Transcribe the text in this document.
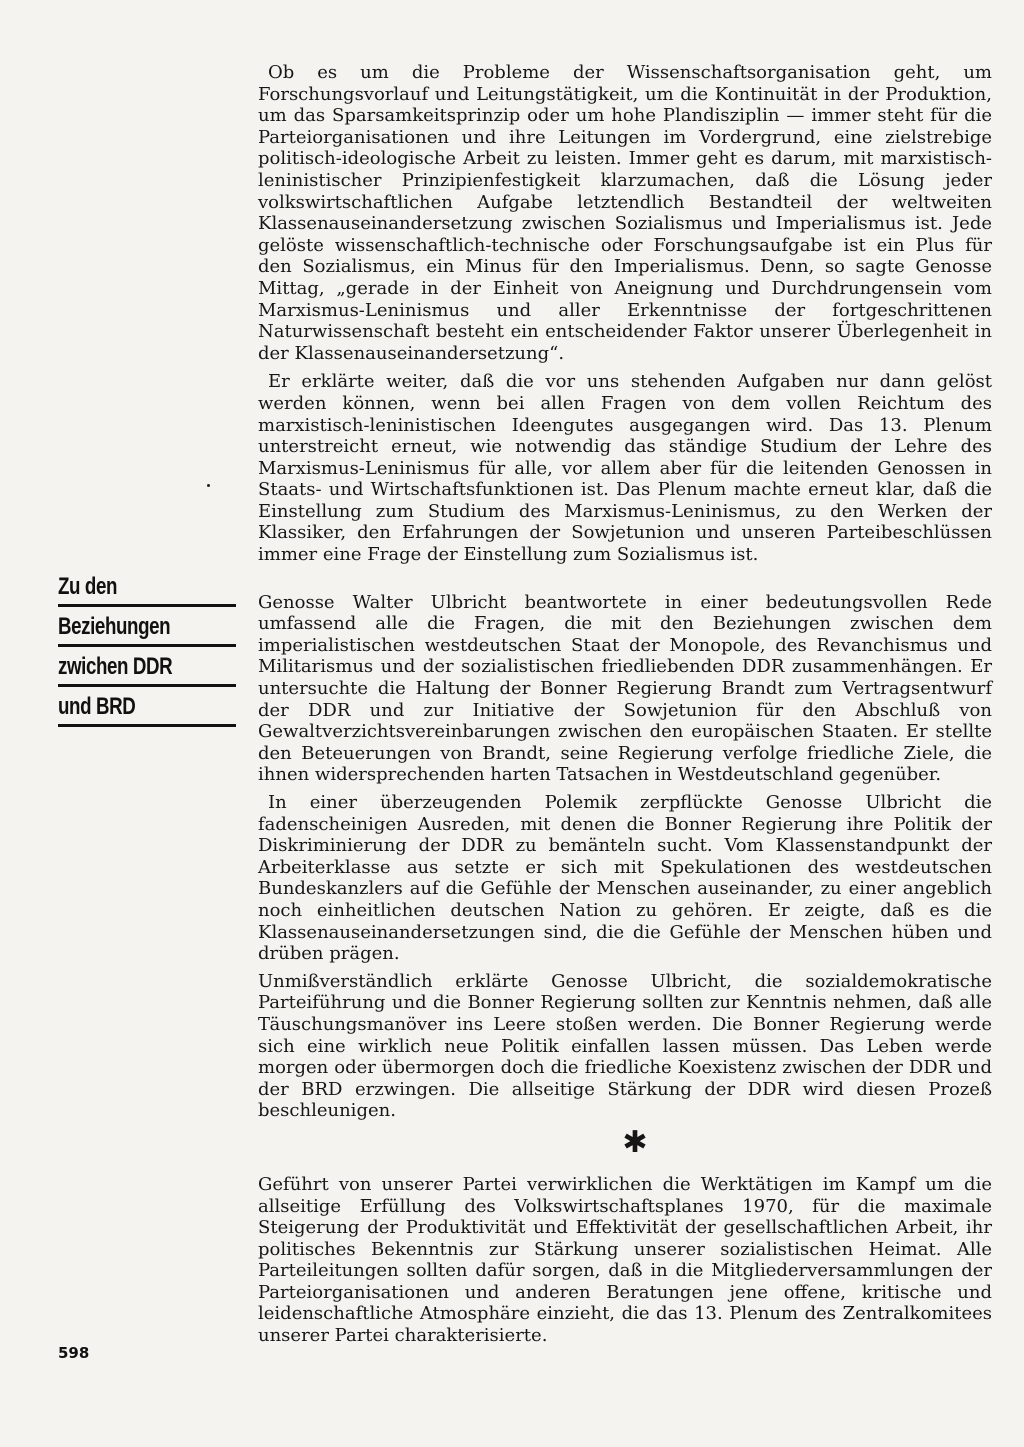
Ob es um die Probleme der Wissenschaftsorganisation geht, um Forschungsvorlauf und Leitungstätigkeit, um die Kontinuität in der Produktion, um das Sparsamkeitsprinzip oder um hohe Plandisziplin — immer steht für die Parteiorganisationen und ihre Leitungen im Vordergrund, eine zielstrebige politisch-ideologische Arbeit zu leisten. Immer geht es darum, mit marxistisch-leninistischer Prinzipienfestigkeit klarzumachen, daß die Lösung jeder volkswirtschaftlichen Aufgabe letztendlich Bestandteil der weltweiten Klassenauseinandersetzung zwischen Sozialismus und Imperialismus ist. Jede gelöste wissenschaftlich-technische oder Forschungsaufgabe ist ein Plus für den Sozialismus, ein Minus für den Imperialismus. Denn, so sagte Genosse Mittag, „gerade in der Einheit von Aneignung und Durchdrungensein vom Marxismus-Leninismus und aller Erkenntnisse der fortgeschrittenen Naturwissenschaft besteht ein entscheidender Faktor unserer Überlegenheit in der Klassenauseinandersetzung“.

Er erklärte weiter, daß die vor uns stehenden Aufgaben nur dann gelöst werden können, wenn bei allen Fragen von dem vollen Reichtum des marxistisch-leninistischen Ideengutes ausgegangen wird. Das 13. Plenum unterstreicht erneut, wie notwendig das ständige Studium der Lehre des Marxismus-Leninismus für alle, vor allem aber für die leitenden Genossen in Staats- und Wirtschaftsfunktionen ist. Das Plenum machte erneut klar, daß die Einstellung zum Studium des Marxismus-Leninismus, zu den Werken der Klassiker, den Erfahrungen der Sowjetunion und unseren Parteibeschlüssen immer eine Frage der Einstellung zum Sozialismus ist.

Genosse Walter Ulbricht beantwortete in einer bedeutungsvollen Rede umfassend alle die Fragen, die mit den Beziehungen zwischen dem imperialistischen westdeutschen Staat der Monopole, des Revanchismus und Militarismus und der sozialistischen friedliebenden DDR zusammenhängen. Er untersuchte die Haltung der Bonner Regierung Brandt zum Vertragsentwurf der DDR und zur Initiative der Sowjetunion für den Abschluß von Gewaltverzichtsvereinbarungen zwischen den europäischen Staaten. Er stellte den Beteuerungen von Brandt, seine Regierung verfolge friedliche Ziele, die ihnen widersprechenden harten Tatsachen in Westdeutschland gegenüber.

In einer überzeugenden Polemik zerpflückte Genosse Ulbricht die fadenscheinigen Ausreden, mit denen die Bonner Regierung ihre Politik der Diskriminierung der DDR zu bemänteln sucht. Vom Klassenstandpunkt der Arbeiterklasse aus setzte er sich mit Spekulationen des westdeutschen Bundeskanzlers auf die Gefühle der Menschen auseinander, zu einer angeblich noch einheitlichen deutschen Nation zu gehören. Er zeigte, daß es die Klassenauseinandersetzungen sind, die die Gefühle der Menschen hüben und drüben prägen.

Unmißverständlich erklärte Genosse Ulbricht, die sozialdemokratische Parteiführung und die Bonner Regierung sollten zur Kenntnis nehmen, daß alle Täuschungsmanöver ins Leere stoßen werden. Die Bonner Regierung werde sich eine wirklich neue Politik einfallen lassen müssen. Das Leben werde morgen oder übermorgen doch die friedliche Koexistenz zwischen der DDR und der BRD erzwingen. Die allseitige Stärkung der DDR wird diesen Prozeß beschleunigen.

✱

Geführt von unserer Partei verwirklichen die Werktätigen im Kampf um die allseitige Erfüllung des Volkswirtschaftsplanes 1970, für die maximale Steigerung der Produktivität und Effektivität der gesellschaftlichen Arbeit, ihr politisches Bekenntnis zur Stärkung unserer sozialistischen Heimat. Alle Parteileitungen sollten dafür sorgen, daß in die Mitgliederversammlungen der Parteiorganisationen und anderen Beratungen jene offene, kritische und leidenschaftliche Atmosphäre einzieht, die das 13. Plenum des Zentralkomitees unserer Partei charakterisierte.

Zu den
Beziehungen
zwichen DDR
und BRD
598
